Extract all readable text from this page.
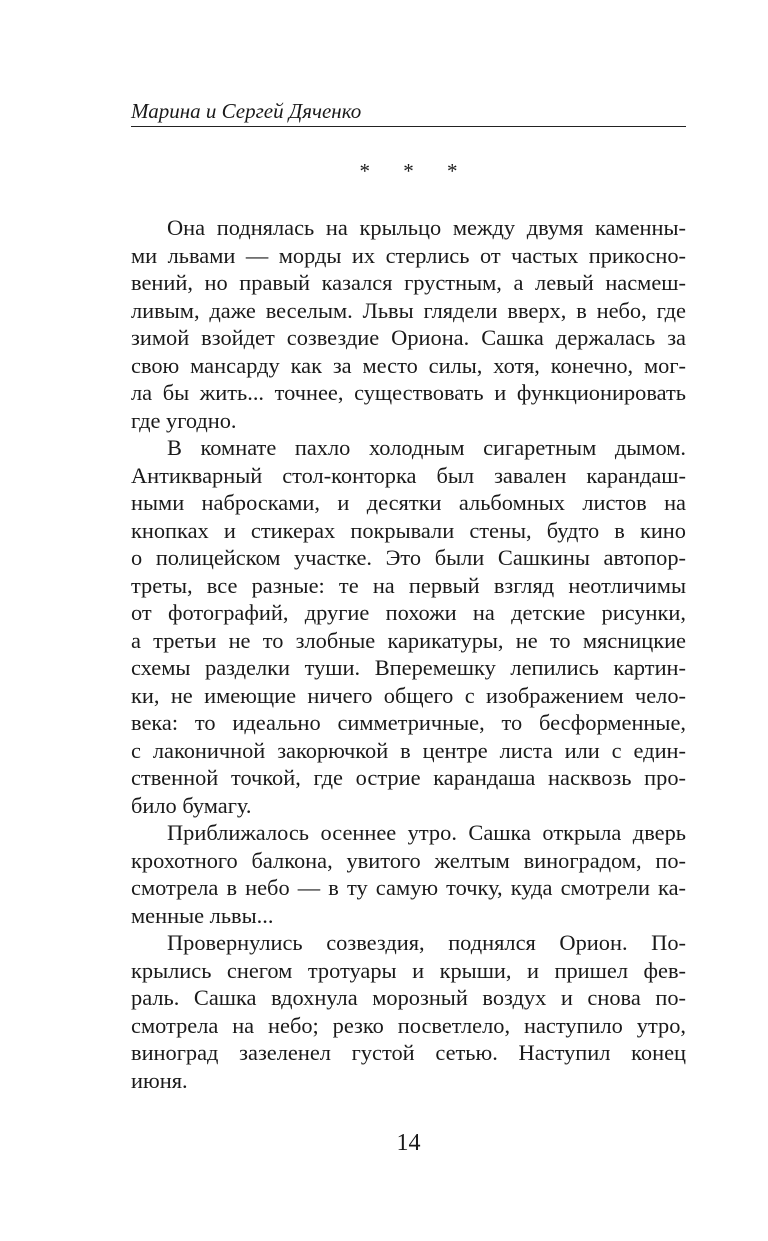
Марина и Сергей Дяченко
* * *
Она поднялась на крыльцо между двумя каменны-
ми львами — морды их стерлись от частых прикосно-
вений, но правый казался грустным, а левый насмеш-
ливым, даже веселым. Львы глядели вверх, в небо, где
зимой взойдет созвездие Ориона. Сашка держалась за
свою мансарду как за место силы, хотя, конечно, мог-
ла бы жить... точнее, существовать и функционировать
где угодно.
В комнате пахло холодным сигаретным дымом.
Антикварный стол-конторка был завален карандаш-
ными набросками, и десятки альбомных листов на
кнопках и стикерах покрывали стены, будто в кино
о полицейском участке. Это были Сашкины автопор-
треты, все разные: те на первый взгляд неотличимы
от фотографий, другие похожи на детские рисунки,
а третьи не то злобные карикатуры, не то мясницкие
схемы разделки туши. Вперемешку лепились картин-
ки, не имеющие ничего общего с изображением чело-
века: то идеально симметричные, то бесформенные,
с лаконичной закорючкой в центре листа или с един-
ственной точкой, где острие карандаша насквозь про-
било бумагу.
Приближалось осеннее утро. Сашка открыла дверь
крохотного балкона, увитого желтым виноградом, по-
смотрела в небо — в ту самую точку, куда смотрели ка-
менные львы...
Провернулись созвездия, поднялся Орион. По-
крылись снегом тротуары и крыши, и пришел фев-
раль. Сашка вдохнула морозный воздух и снова по-
смотрела на небо; резко посветлело, наступило утро,
виноград зазеленел густой сетью. Наступил конец
июня.
14
